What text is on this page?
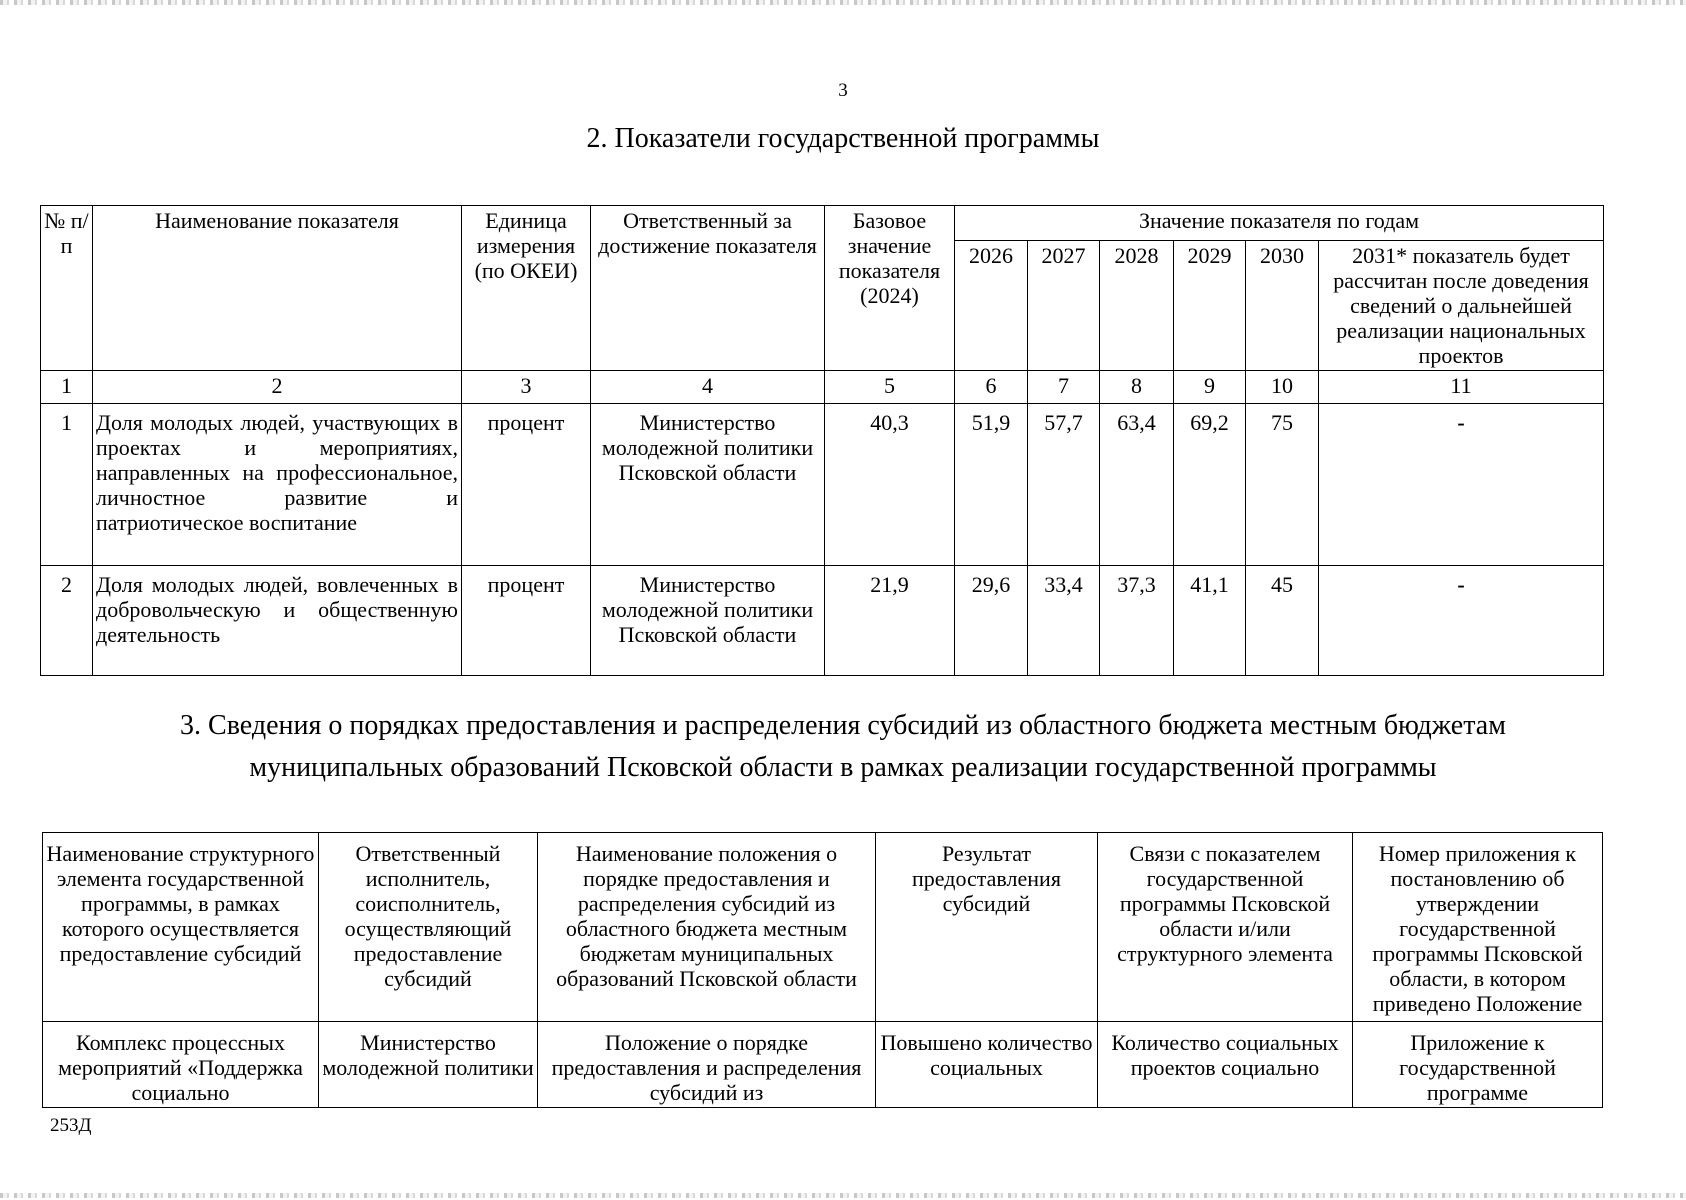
3
2. Показатели государственной программы
№ п/п	Наименование показателя	Единица измерения (по ОКЕИ)	Ответственный за достижение показателя	Базовое значение показателя (2024)	Значение показателя по годам					
					2026	2027	2028	2029	2030	2031* показатель будет рассчитан после доведения сведений о дальнейшей реализации национальных проектов
1	2	3	4	5	6	7	8	9	10	11
1	Доля молодых людей, участвующих в проектах и мероприятиях, направленных на профессиональное, личностное развитие и патриотическое воспитание	процент	Министерство молодежной политики Псковской области	40,3	51,9	57,7	63,4	69,2	75	-
2	Доля молодых людей, вовлеченных в добровольческую и общественную деятельность	процент	Министерство молодежной политики Псковской области	21,9	29,6	33,4	37,3	41,1	45	-
3. Сведения о порядках предоставления и распределения субсидий из областного бюджета местным бюджетам
муниципальных образований Псковской области в рамках реализации государственной программы
Наименование структурного элемента государственной программы, в рамках которого осуществляется предоставление субсидий	Ответственный исполнитель, соисполнитель, осуществляющий предоставление субсидий	Наименование положения о порядке предоставления и распределения субсидий из областного бюджета местным бюджетам муниципальных образований Псковской области	Результат предоставления субсидий	Связи с показателем государственной программы Псковской области и/или структурного элемента	Номер приложения к постановлению об утверждении государственной программы Псковской области, в котором приведено Положение
Комплекс процессных мероприятий «Поддержка социально	Министерство молодежной политики	Положение о порядке предоставления и распределения субсидий из	Повышено количество социальных	Количество социальных проектов социально	Приложение к государственной программе
253Д
